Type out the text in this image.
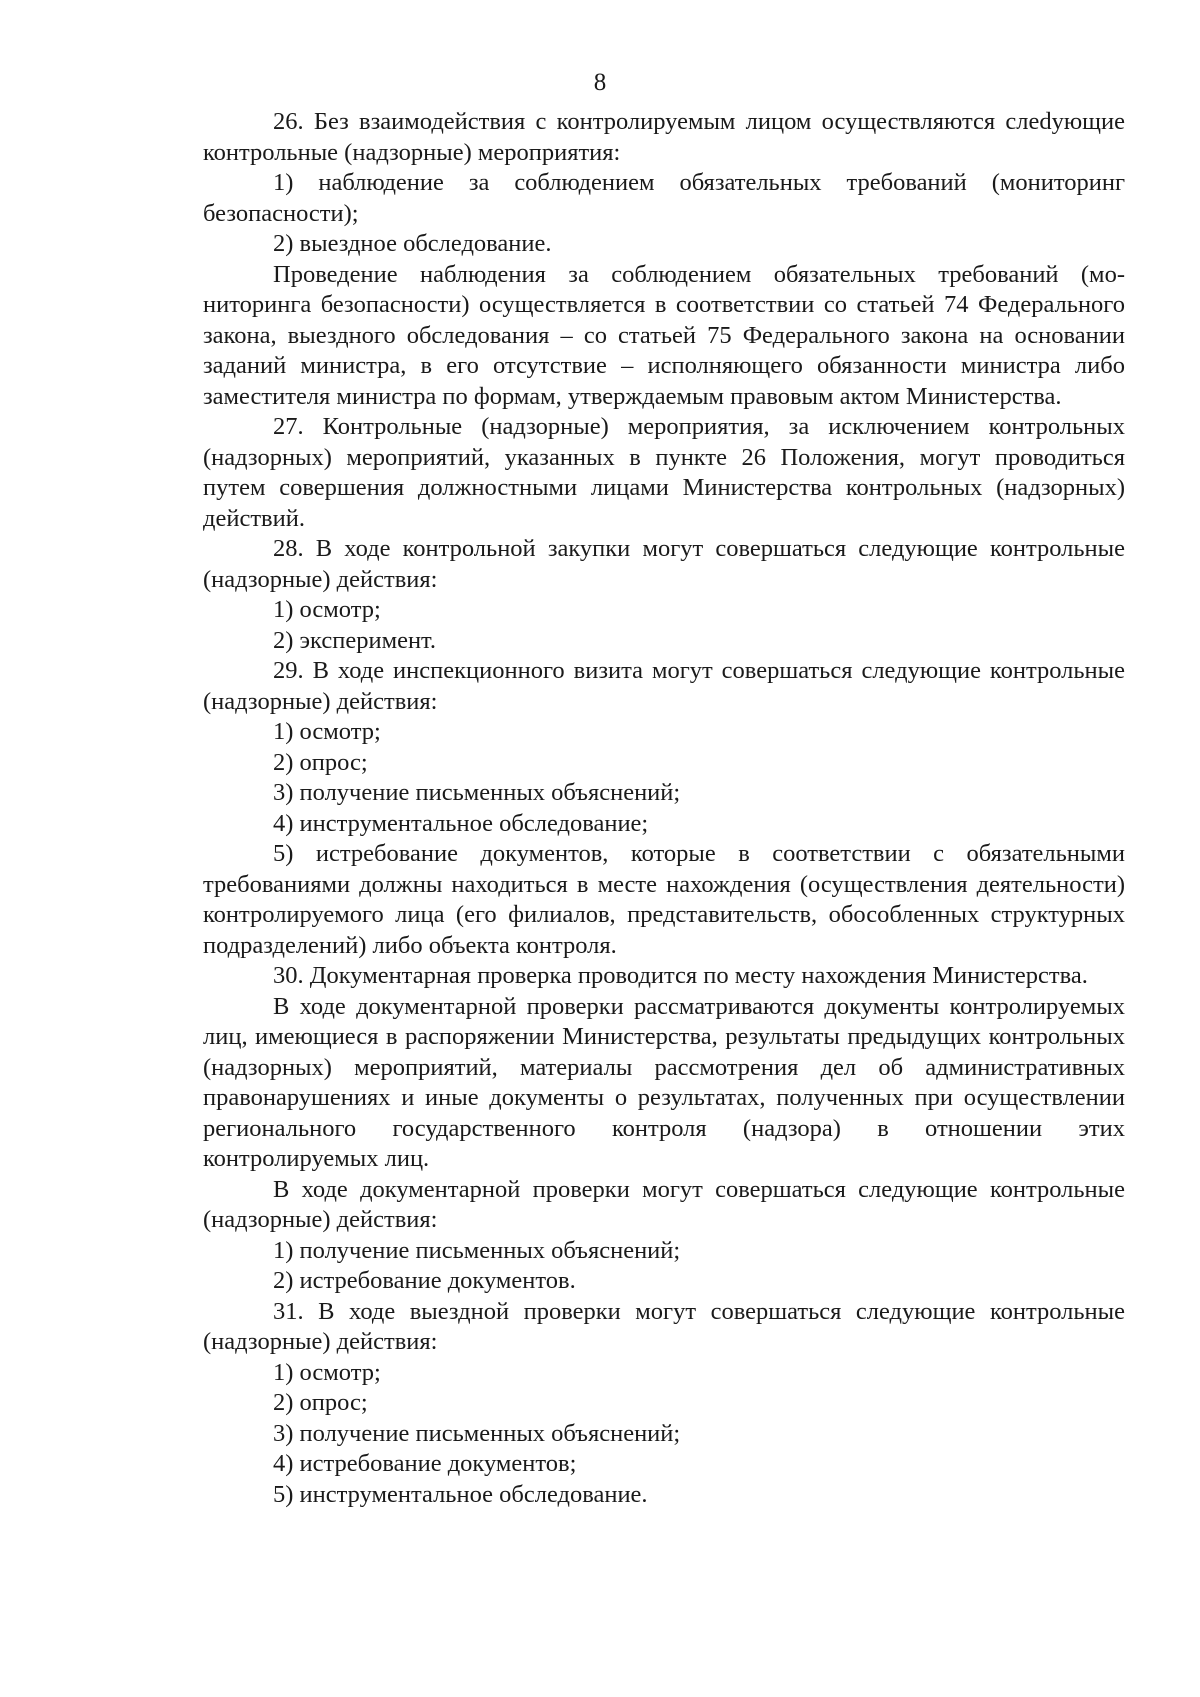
8

26. Без взаимодействия с контролируемым лицом осуществляются слеdующие контрольные (надзорные) мероприятия:

1) наблюдение за соблюдением обязательных требований (мониторинг безопасности);

2) выездное обследование.

Проведение наблюдения за соблюдением обязательных требований (мониторинга безопасности) осуществляется в соответствии со статьей 74 Федерального закона, выездного обследования – со статьей 75 Федерального закона на основании заданий министра, в его отсутствие – исполняющего обязанности министра либо заместителя министра по формам, утверждаемым правовым актом Министерства.

27. Контрольные (надзорные) мероприятия, за исключением контрольных (надзорных) мероприятий, указанных в пункте 26 Положения, могут проводиться путем совершения должностными лицами Министерства контрольных (надзорных) действий.

28. В ходе контрольной закупки могут совершаться следующие контрольные (надзорные) действия:

1) осмотр;

2) эксперимент.

29. В ходе инспекционного визита могут совершаться следующие контрольные (надзорные) действия:

1) осмотр;

2) опрос;

3) получение письменных объяснений;

4) инструментальное обследование;

5) истребование документов, которые в соответствии с обязательными требованиями должны находиться в месте нахождения (осуществления деятельности) контролируемого лица (его филиалов, представительств, обособленных структурных подразделений) либо объекта контроля.

30. Документарная проверка проводится по месту нахождения Министерства.

В ходе документарной проверки рассматриваются документы контролируемых лиц, имеющиеся в распоряжении Министерства, результаты предыдущих контрольных (надзорных) мероприятий, материалы рассмотрения дел об административных правонарушениях и иные документы о результатах, полученных при осуществлении регионального государственного контроля (надзора) в отношении этих контролируемых лиц.

В ходе документарной проверки могут совершаться следующие контрольные (надзорные) действия:

1) получение письменных объяснений;

2) истребование документов.

31. В ходе выездной проверки могут совершаться следующие контрольные (надзорные) действия:

1) осмотр;

2) опрос;

3) получение письменных объяснений;

4) истребование документов;

5) инструментальное обследование.
